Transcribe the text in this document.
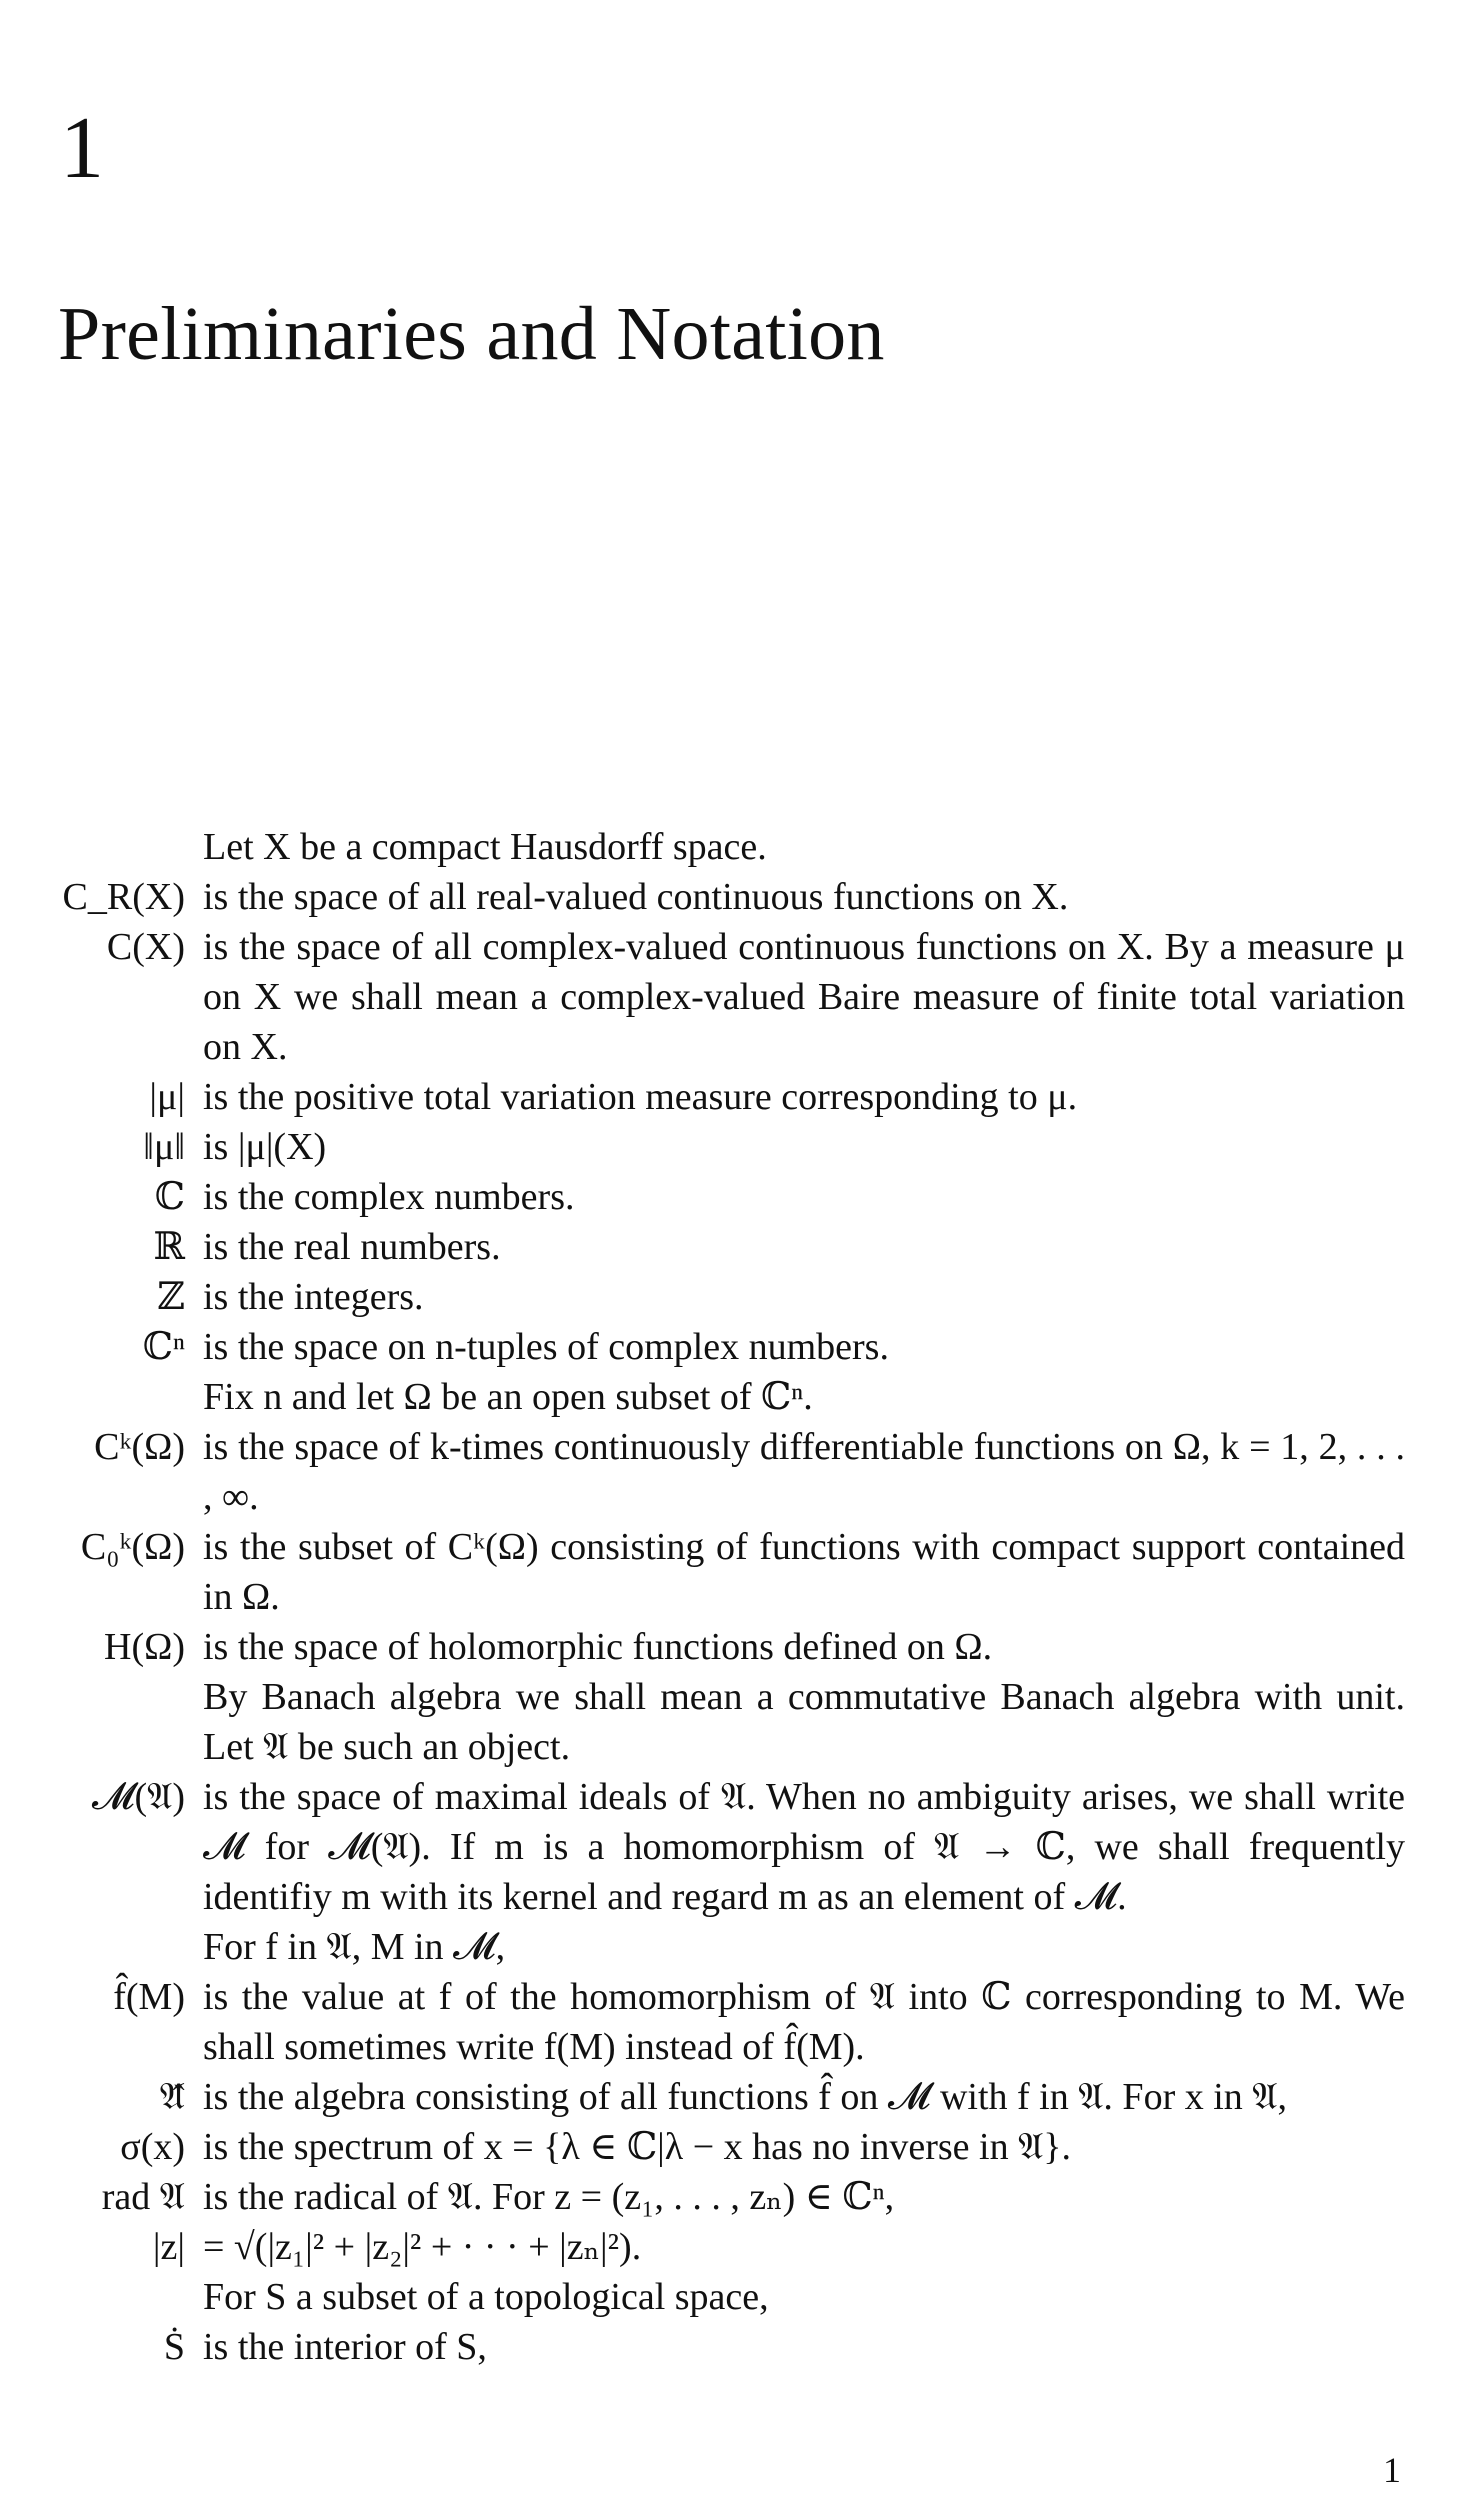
1
Preliminaries and Notation
Let X be a compact Hausdorff space.
C_R(X) is the space of all real-valued continuous functions on X.
C(X) is the space of all complex-valued continuous functions on X. By a measure μ on X we shall mean a complex-valued Baire measure of finite total variation on X.
|μ| is the positive total variation measure corresponding to μ.
‖μ‖ is |μ|(X)
ℂ is the complex numbers.
ℝ is the real numbers.
ℤ is the integers.
ℂⁿ is the space on n-tuples of complex numbers.
Fix n and let Ω be an open subset of ℂⁿ.
Cᵏ(Ω) is the space of k-times continuously differentiable functions on Ω, k = 1, 2, . . . , ∞.
C₀ᵏ(Ω) is the subset of Cᵏ(Ω) consisting of functions with compact support contained in Ω.
H(Ω) is the space of holomorphic functions defined on Ω.
By Banach algebra we shall mean a commutative Banach algebra with unit. Let 𝔄 be such an object.
𝓜(𝔄) is the space of maximal ideals of 𝔄. When no ambiguity arises, we shall write 𝓜 for 𝓜(𝔄). If m is a homomorphism of 𝔄 → ℂ, we shall frequently identifiy m with its kernel and regard m as an element of 𝓜.
For f in 𝔄, M in 𝓜,
f̂(M) is the value at f of the homomorphism of 𝔄 into ℂ corresponding to M. We shall sometimes write f(M) instead of f̂(M).
𝔄̂ is the algebra consisting of all functions f̂ on 𝓜 with f in 𝔄. For x in 𝔄,
σ(x) is the spectrum of x = {λ ∈ ℂ|λ − x has no inverse in 𝔄}.
rad 𝔄 is the radical of 𝔄. For z = (z₁, . . . , zₙ) ∈ ℂⁿ,
|z| = √(|z₁|² + |z₂|² + · · · + |zₙ|²).
For S a subset of a topological space,
Ṡ is the interior of S,
1
